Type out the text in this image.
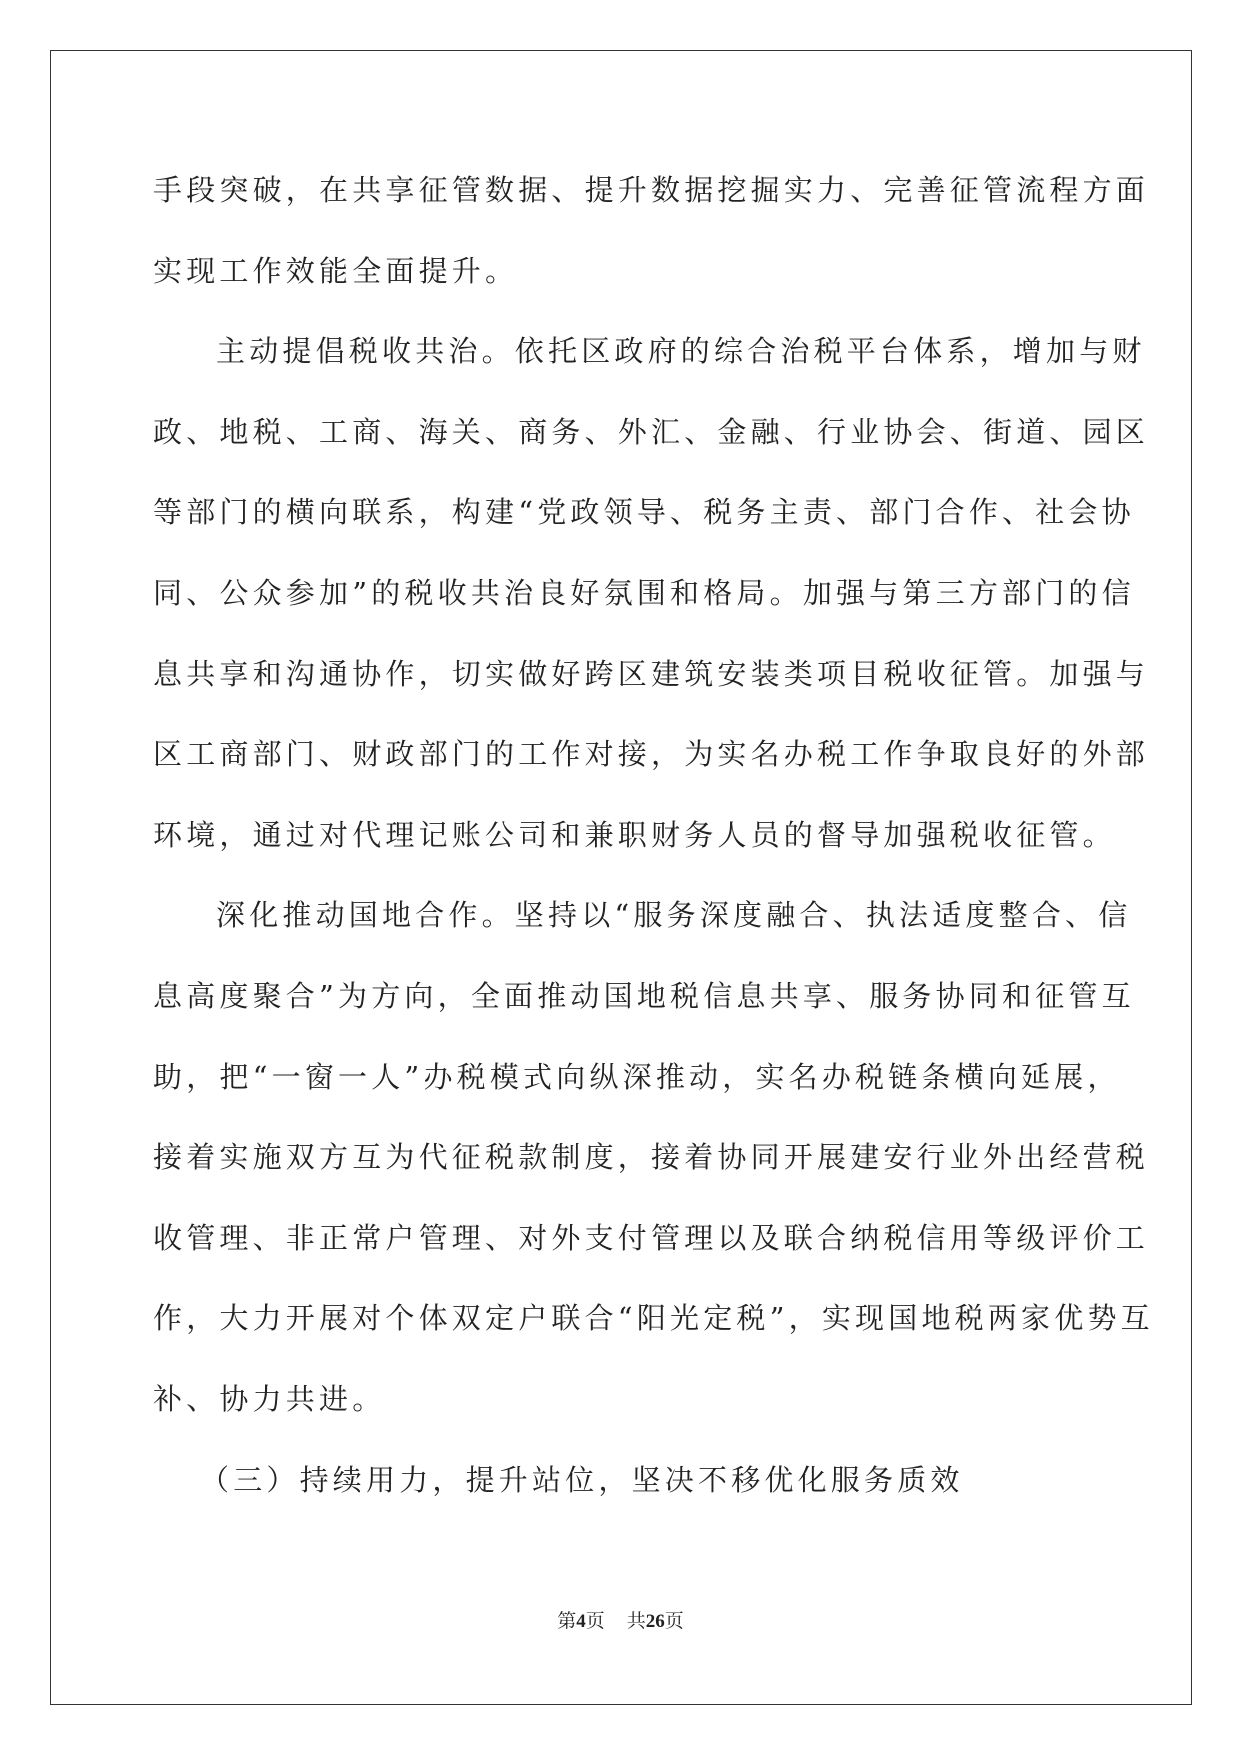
手段突破，在共享征管数据、提升数据挖掘实力、完善征管流程方面
实现工作效能全面提升。
主动提倡税收共治。依托区政府的综合治税平台体系，增加与财
政、地税、工商、海关、商务、外汇、金融、行业协会、街道、园区
等部门的横向联系，构建“党政领导、税务主责、部门合作、社会协
同、公众参加”的税收共治良好氛围和格局。加强与第三方部门的信
息共享和沟通协作，切实做好跨区建筑安装类项目税收征管。加强与
区工商部门、财政部门的工作对接，为实名办税工作争取良好的外部
环境，通过对代理记账公司和兼职财务人员的督导加强税收征管。
深化推动国地合作。坚持以“服务深度融合、执法适度整合、信
息高度聚合”为方向，全面推动国地税信息共享、服务协同和征管互
助，把“一窗一人”办税模式向纵深推动，实名办税链条横向延展，
接着实施双方互为代征税款制度，接着协同开展建安行业外出经营税
收管理、非正常户管理、对外支付管理以及联合纳税信用等级评价工
作，大力开展对个体双定户联合“阳光定税”，实现国地税两家优势互
补、协力共进。
（三）持续用力，提升站位，坚决不移优化服务质效
第4页 共26页
